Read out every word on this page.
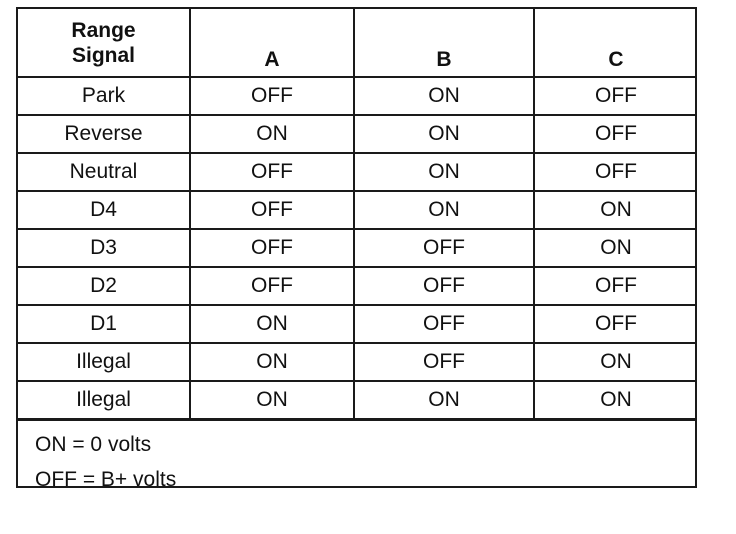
Range
Signal	A	B	C
Park	OFF	ON	OFF
Reverse	ON	ON	OFF
Neutral	OFF	ON	OFF
D4	OFF	ON	ON
D3	OFF	OFF	ON
D2	OFF	OFF	OFF
D1	ON	OFF	OFF
Illegal	ON	OFF	ON
Illegal	ON	ON	ON
ON = 0 volts
OFF = B+ volts
